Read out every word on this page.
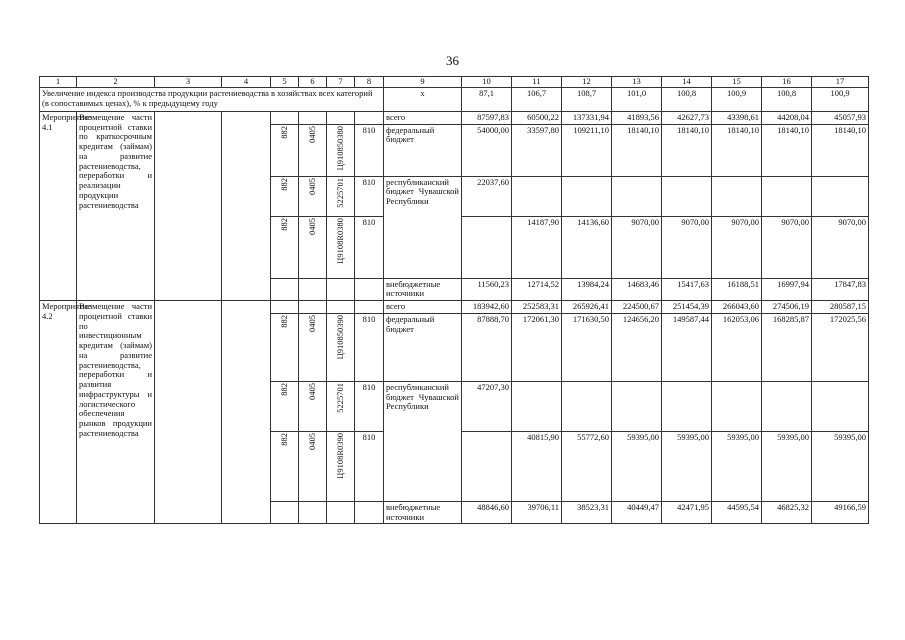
36
1	2	3	4	5	6	7	8	9	10	11	12	13	14	15	16	17
Увеличение индекса производства продукции растениеводства в хозяйствах всех категорий (в сопоставимых ценах), % к предыдущему году								x	87,1	106,7	108,7	101,0	100,8	100,9	100,8	100,9
Мероприятие 4.1	Возмещение части процентной ставки по краткосрочным кредитам (займам) на развитие растениеводства, переработки и реализации продукции растениеводства							всего	87597,83	60500,22	137331,94	41893,56	42627,73	43398,61	44208,04	45057,93
				882	0405	Ц910850380	810	федеральный бюджет	54000,00	33597,80	109211,10	18140,10	18140,10	18140,10	18140,10	18140,10
				882	0405	5225701	810	республиканский бюджет Чувашской Республики	22037,60							
				882	0405	Ц9108R0380	810			14187,90	14136,60	9070,00	9070,00	9070,00	9070,00	9070,00
								внебюджетные источники	11560,23	12714,52	13984,24	14683,46	15417,63	16188,51	16997,94	17847,83
Мероприятие 4.2	Возмещение части процентной ставки по инвестиционным кредитам (займам) на развитие растениеводства, переработки и развития инфраструктуры и логистического обеспечения рынков продукции растениеводства							всего	183942,60	252583,31	265926,41	224500,67	251454,39	266043,60	274506,19	280587,15
				882	0405	Ц910850390	810	федеральный бюджет	87888,70	172061,30	171630,50	124656,20	149587,44	162053,06	168285,87	172025,56
				882	0405	5225701	810	республиканский бюджет Чувашской Республики	47207,30							
				882	0405	Ц9108R0390	810			40815,90	55772,60	59395,00	59395,00	59395,00	59395,00	59395,00
								внебюджетные источники	48846,60	39706,11	38523,31	40449,47	42471,95	44595,54	46825,32	49166,59
